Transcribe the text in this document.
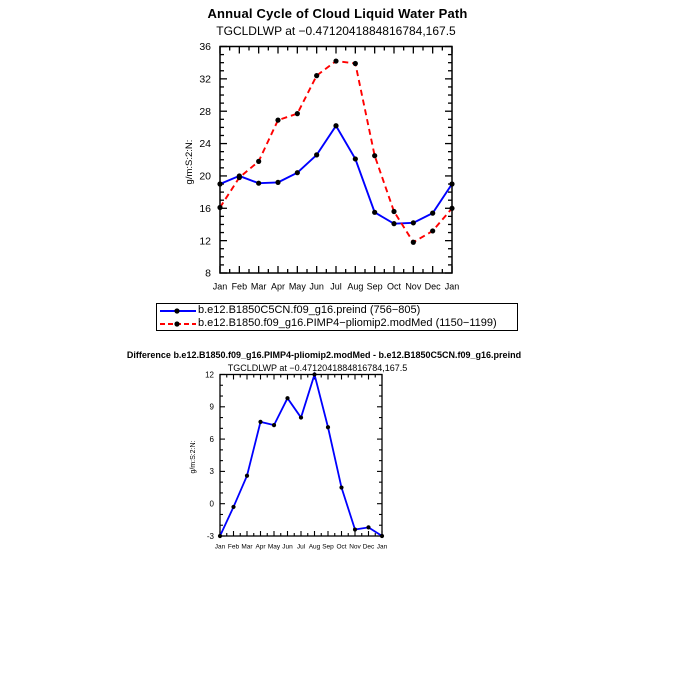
Annual Cycle of Cloud Liquid Water Path
TGCLDLWP at −0.4712041884816784,167.5
Jan Feb Mar Apr May Jun Jul Aug Sep Oct Nov Dec Jan
8
12
16
20
24
28
32
36
g/m:S:2:N:
Jan Feb Mar Apr May Jun Jul Aug Sep Oct Nov Dec Jan
-3
0
3
6
9
12
g/m:S:2:N:
b.e12.B1850C5CN.f09_g16.preind (756−805)
b.e12.B1850.f09_g16.PIMP4−pliomip2.modMed (1150−1199)
Difference b.e12.B1850.f09_g16.PIMP4-pliomip2.modMed - b.e12.B1850C5CN.f09_g16.preind
TGCLDLWP at −0.4712041884816784,167.5
